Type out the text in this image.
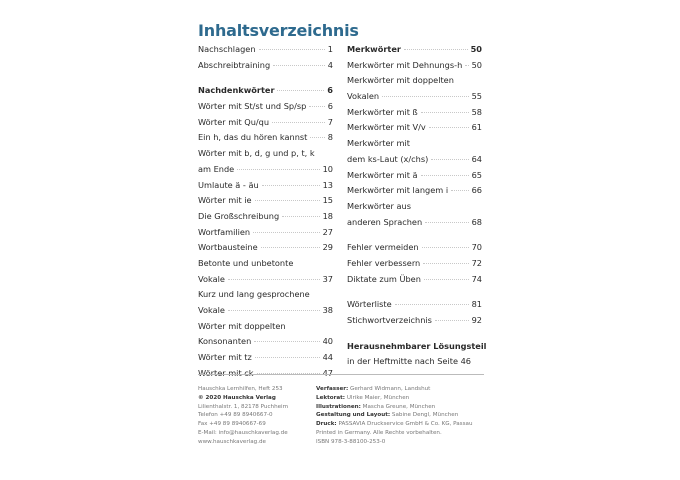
Inhaltsverzeichnis
Nachschlagen	1
Abschreibtraining	4
Nachdenkwörter	6
Wörter mit St/st und Sp/sp	6
Wörter mit Qu/qu	7
Ein h, das du hören kannst 8
Wörter mit b, d, g und p, t, k
am Ende	10
Umlaute ä - äu	13
Wörter mit ie	15
Die Großschreibung	18
Wortfamilien	27
Wortbausteine	29
Betonte und unbetonte
Vokale	37
Kurz und lang gesprochene
Vokale	38
Wörter mit doppelten
Konsonanten	40
Wörter mit tz	44
Wörter mit ck	47
Merkwörter	50
Merkwörter mit Dehnungs-h 50
Merkwörter mit doppelten
Vokalen	55
Merkwörter mit ß	58
Merkwörter mit V/v	61
Merkwörter mit
dem ks-Laut (x/chs)	64
Merkwörter mit ä	65
Merkwörter mit langem i	66
Merkwörter aus
anderen Sprachen	68
Fehler vermeiden	70
Fehler verbessern	72
Diktate zum Üben	74
Wörterliste	81
Stichwortverzeichnis	92
Herausnehmbarer Lösungsteil
in der Heftmitte nach Seite 46
Hauschka Lernhilfen, Heft 253
© 2020 Hauschka Verlag
Lilienthalstr. 1, 82178 Puchheim
Telefon +49 89 8940667-0
Fax +49 89 8940667-69
E-Mail: info@hauschkaverlag.de
www.hauschkaverlag.de
Verfasser: Gerhard Widmann, Landshut
Lektorat: Ulrike Maier, München
Illustrationen: Mascha Greune, München
Gestaltung und Layout: Sabine Dengl, München
Druck: PASSAVIA Druckservice GmbH & Co. KG, Passau
Printed in Germany. Alle Rechte vorbehalten.
ISBN 978-3-88100-253-0
